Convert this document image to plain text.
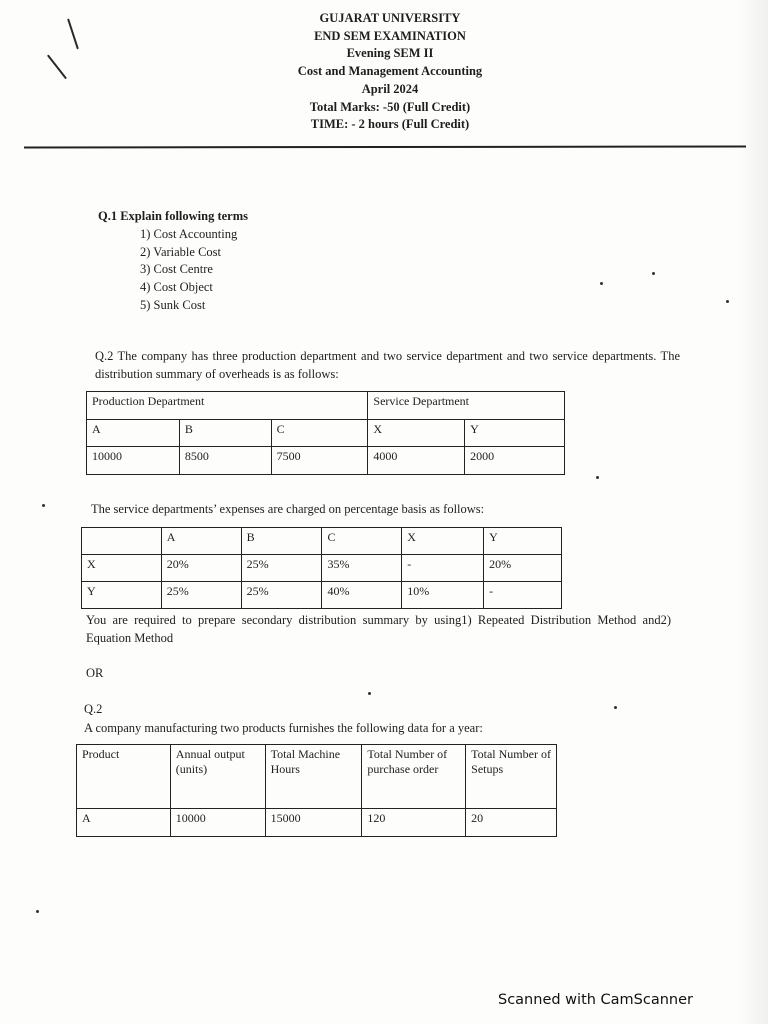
GUJARAT UNIVERSITY
END SEM EXAMINATION
Evening SEM II
Cost and Management Accounting
April 2024
Total Marks: -50 (Full Credit)
TIME: - 2 hours (Full Credit)
Q.1 Explain following terms
1) Cost Accounting
2) Variable Cost
3) Cost Centre
4) Cost Object
5) Sunk Cost
Q.2 The company has three production department and two service department and two service departments. The distribution summary of overheads is as follows:
Production Department			Service Department	
A	B	C	X	Y
10000	8500	7500	4000	2000
The service departments’ expenses are charged on percentage basis as follows:
	A	B	C	X	Y
X	20%	25%	35%	-	20%
Y	25%	25%	40%	10%	-
You are required to prepare secondary distribution summary by using1) Repeated Distribution Method and2) Equation Method
OR
Q.2
A company manufacturing two products furnishes the following data for a year:
Product	Annual output (units)	Total Machine Hours	Total Number of purchase order	Total Number of Setups
A	10000	15000	120	20
Scanned with CamScanner
